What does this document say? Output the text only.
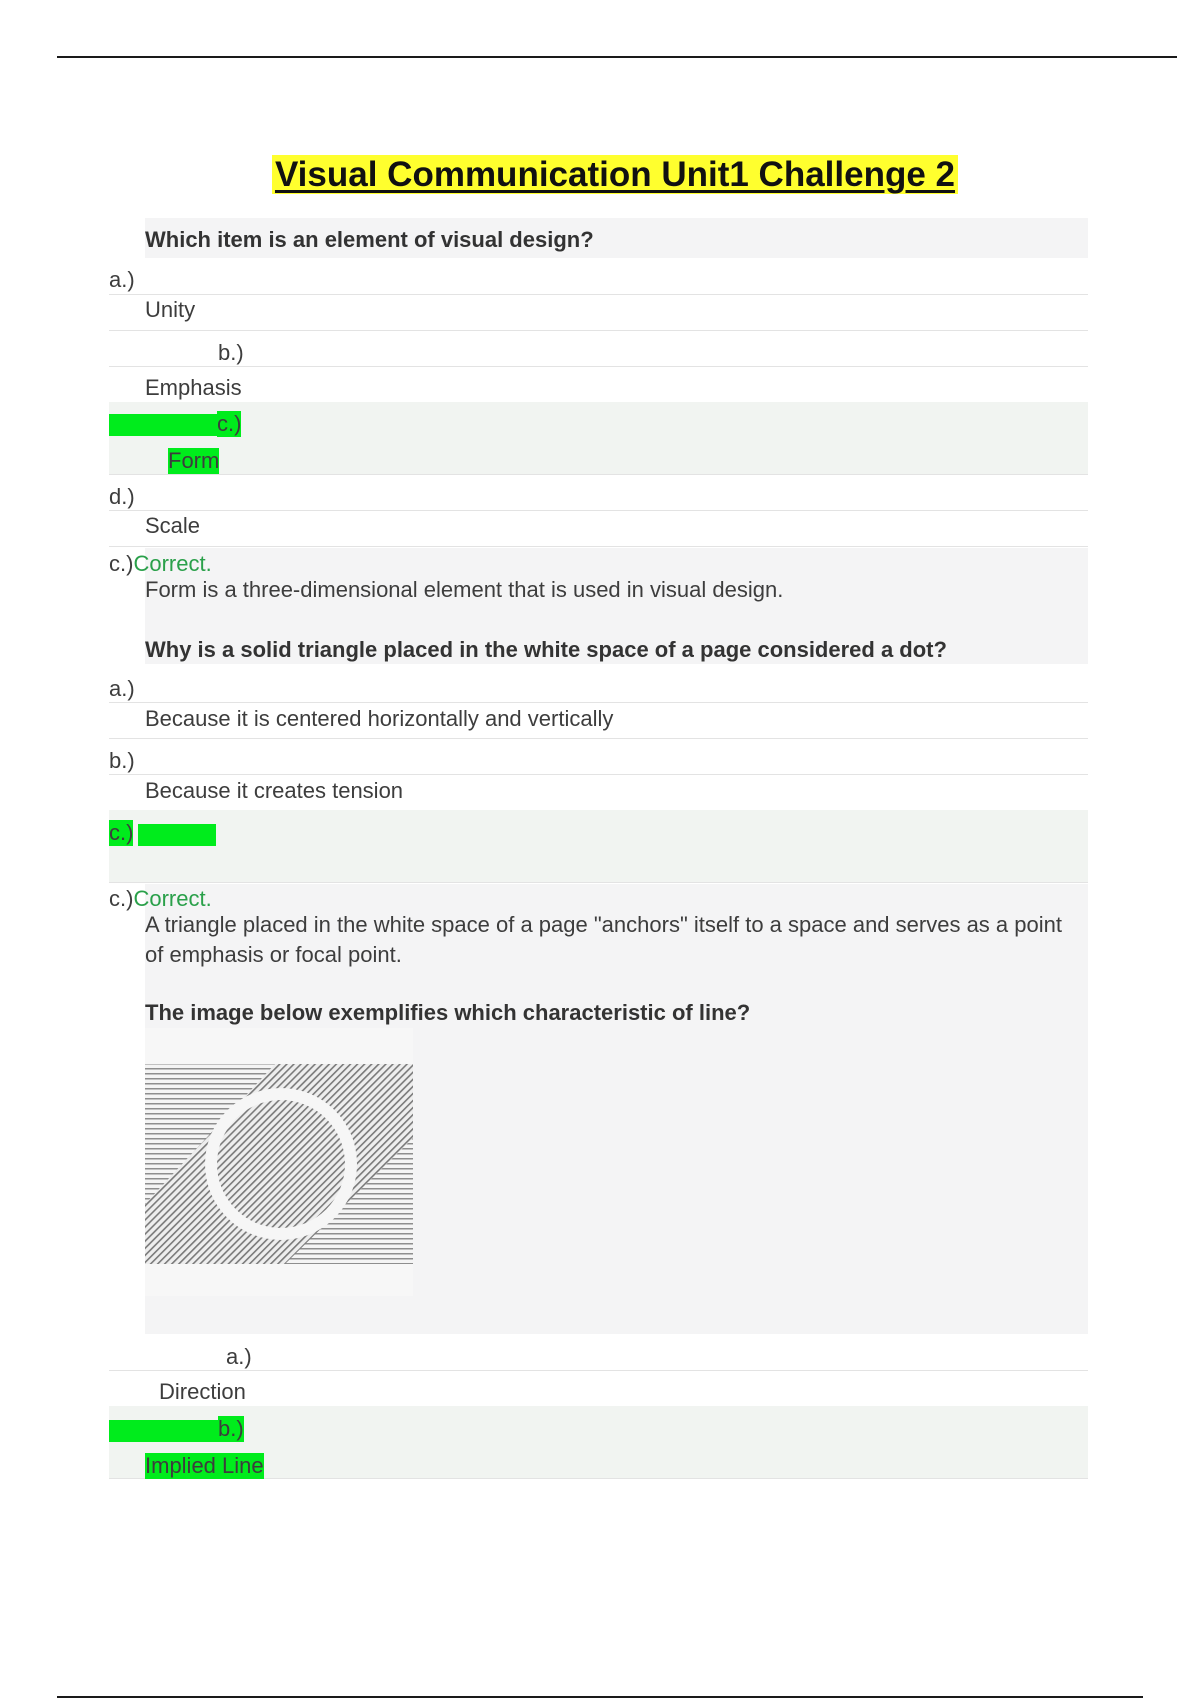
Visual Communication Unit1 Challenge 2
Which item is an element of visual design?
a.)
Unity
b.)
Emphasis
c.)
Form
d.)
Scale
c.)Correct.
Form is a three-dimensional element that is used in visual design.
Why is a solid triangle placed in the white space of a page considered a dot?
a.)
Because it is centered horizontally and vertically
b.)
Because it creates tension
c.)
c.)Correct.
A triangle placed in the white space of a page "anchors" itself to a space and serves as a point of emphasis or focal point.
The image below exemplifies which characteristic of line?
a.)
Direction
b.)
Implied Line
